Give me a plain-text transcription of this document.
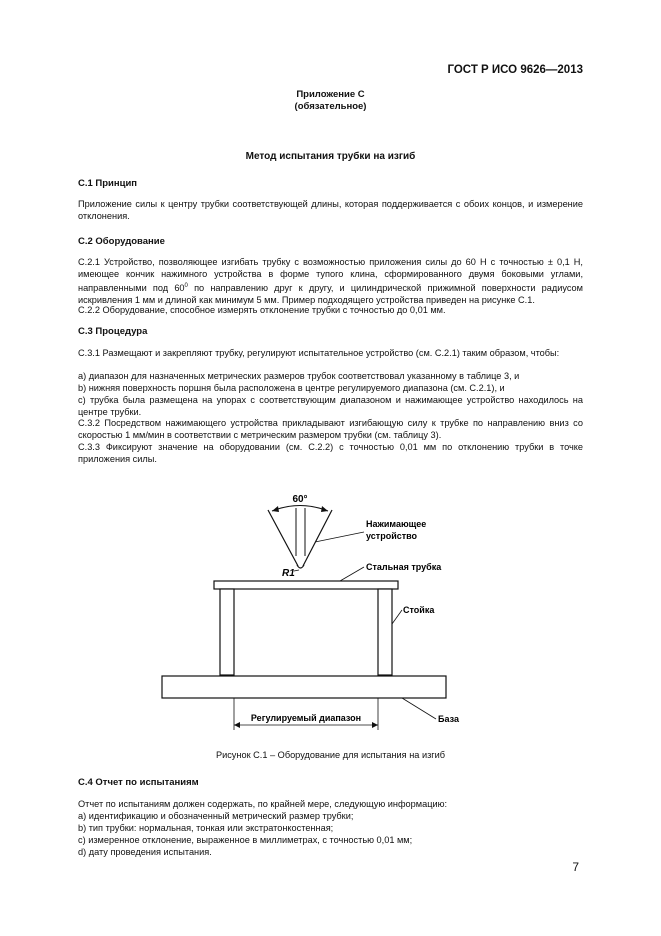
ГОСТ Р ИСО 9626—2013
Приложение С
(обязательное)
Метод испытания трубки на изгиб
С.1 Принцип
Приложение силы к центру трубки соответствующей длины, которая поддерживается с обоих концов, и измерение отклонения.
С.2 Оборудование
С.2.1 Устройство, позволяющее изгибать трубку с возможностью приложения силы до 60 Н с точностью ± 0,1 Н, имеющее кончик нажимного устройства в форме тупого клина, сформированного двумя боковыми углами, направленными под $60^0$ по направлению друг к другу, и цилиндрической прижимной поверхности радиусом искривления 1 мм и длиной как минимум 5 мм. Пример подходящего устройства приведен на рисунке С.1.
С.2.2 Оборудование, способное измерять отклонение трубки с точностью до 0,01 мм.
С.3 Процедура
С.3.1 Размещают и закрепляют трубку, регулируют испытательное устройство (см. С.2.1) таким образом, чтобы:
a) диапазон для назначенных метрических размеров трубок соответствовал указанному в таблице 3, и
b) нижняя поверхность поршня была расположена в центре регулируемого диапазона (см. С.2.1), и
c) трубка была размещена на упорах с соответствующим диапазоном и нажимающее устройство находилось на центре трубки.
С.3.2 Посредством нажимающего устройства прикладывают изгибающую силу к трубке по направлению вниз со скоростью 1 мм/мин в соответствии с метрическим размером трубки (см. таблицу 3).
С.3.3 Фиксируют значение на оборудовании (см. С.2.2) с точностью 0,01 мм по отклонению трубки в точке приложения силы.
60°
R1
Нажимающее
устройство
Стальная трубка
Стойка
База
Регулируемый диапазон
Рисунок С.1 – Оборудование для испытания на изгиб
С.4 Отчет по испытаниям
Отчет по испытаниям должен содержать, по крайней мере, следующую информацию:
a) идентификацию и обозначенный метрический размер трубки;
b) тип трубки: нормальная, тонкая или экстратонкостенная;
c) измеренное отклонение, выраженное в миллиметрах, с точностью 0,01 мм;
d) дату проведения испытания.
7
